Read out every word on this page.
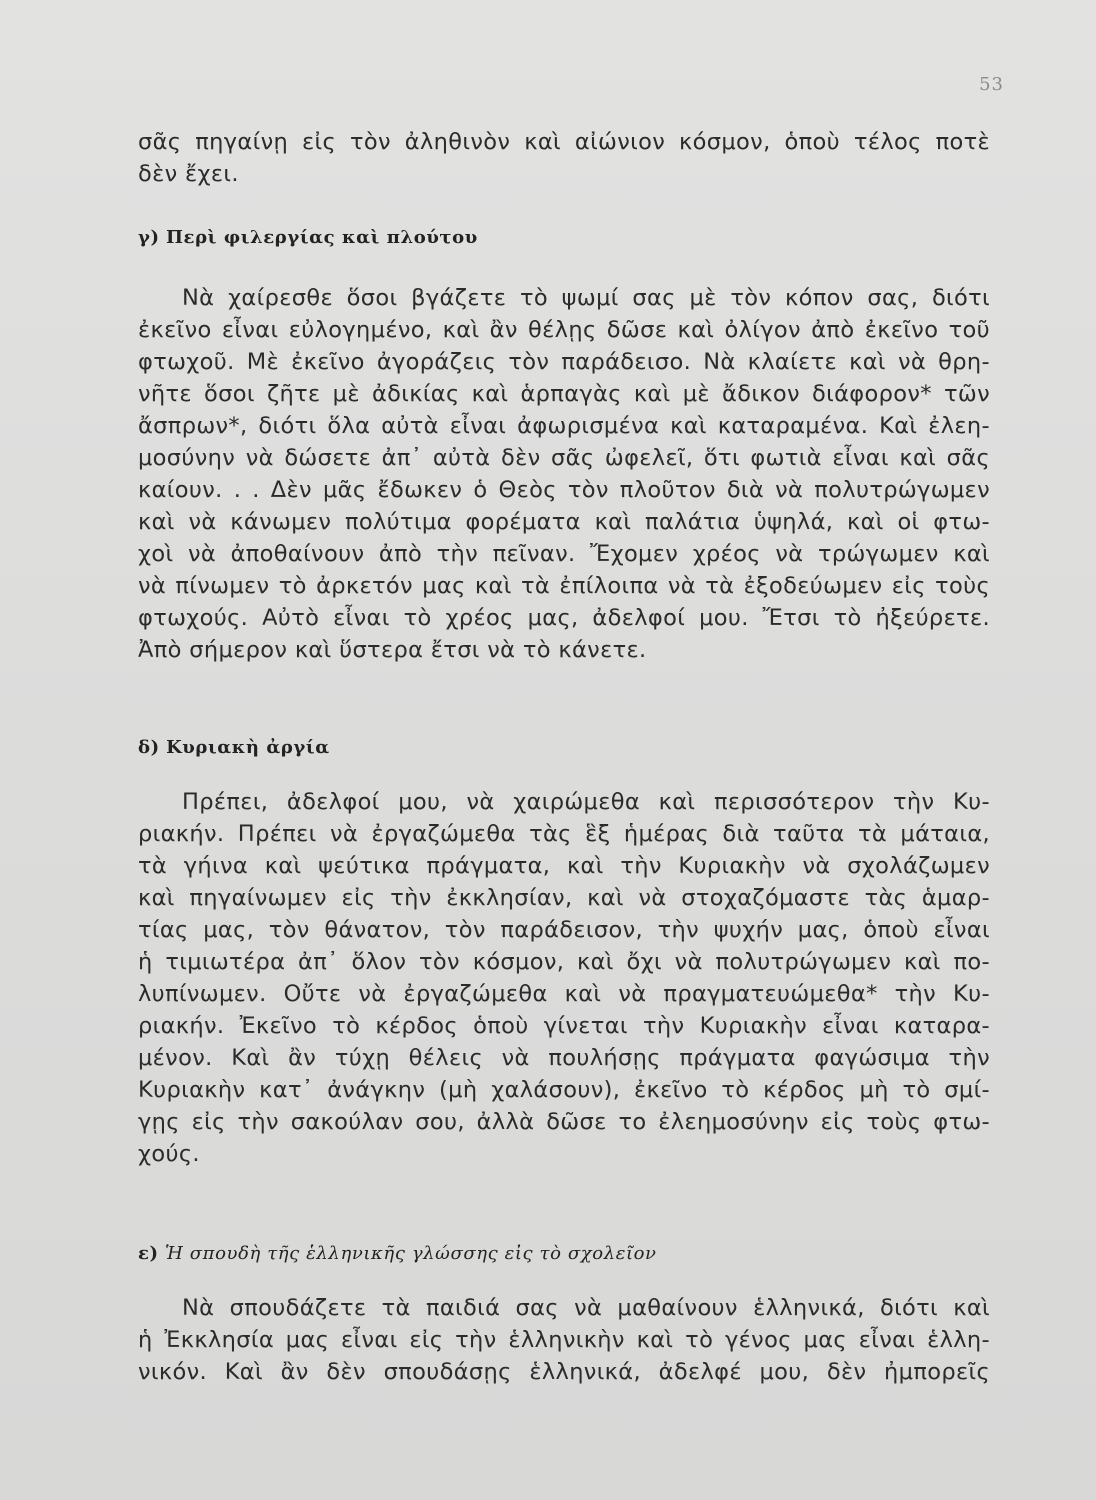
53
σᾶς πηγαίνῃ εἰς τὸν ἀληθινὸν καὶ αἰώνιον κόσμον, ὁποὺ τέλος ποτὲ
δὲν ἔχει.
γ) Περὶ φιλεργίας καὶ πλούτου
Νὰ χαίρεσθε ὅσοι βγάζετε τὸ ψωμί σας μὲ τὸν κόπον σας, διότι
ἐκεῖνο εἶναι εὐλογημένο, καὶ ἂν θέλῃς δῶσε καὶ ὀλίγον ἀπὸ ἐκεῖνο τοῦ
φτωχοῦ. Μὲ ἐκεῖνο ἀγοράζεις τὸν παράδεισο. Νὰ κλαίετε καὶ νὰ θρη-
νῆτε ὅσοι ζῆτε μὲ ἀδικίας καὶ ἁρπαγὰς καὶ μὲ ἄδικον διάφορον* τῶν
ἄσπρων*, διότι ὅλα αὐτὰ εἶναι ἀφωρισμένα καὶ καταραμένα. Καὶ ἐλεη-
μοσύνην νὰ δώσετε ἀπ᾿ αὐτὰ δὲν σᾶς ὠφελεῖ, ὅτι φωτιὰ εἶναι καὶ σᾶς
καίουν. . . Δὲν μᾶς ἔδωκεν ὁ Θεὸς τὸν πλοῦτον διὰ νὰ πολυτρώγωμεν
καὶ νὰ κάνωμεν πολύτιμα φορέματα καὶ παλάτια ὑψηλά, καὶ οἱ φτω-
χοὶ νὰ ἀποθαίνουν ἀπὸ τὴν πεῖναν. Ἔχομεν χρέος νὰ τρώγωμεν καὶ
νὰ πίνωμεν τὸ ἀρκετόν μας καὶ τὰ ἐπίλοιπα νὰ τὰ ἐξοδεύωμεν εἰς τοὺς
φτωχούς. Αὐτὸ εἶναι τὸ χρέος μας, ἀδελφοί μου. Ἔτσι τὸ ἠξεύρετε.
Ἀπὸ σήμερον καὶ ὕστερα ἔτσι νὰ τὸ κάνετε.
δ) Κυριακὴ ἀργία
Πρέπει, ἀδελφοί μου, νὰ χαιρώμεθα καὶ περισσότερον τὴν Κυ-
ριακήν. Πρέπει νὰ ἐργαζώμεθα τὰς ἓξ ἡμέρας διὰ ταῦτα τὰ μάταια,
τὰ γήινα καὶ ψεύτικα πράγματα, καὶ τὴν Κυριακὴν νὰ σχολάζωμεν
καὶ πηγαίνωμεν εἰς τὴν ἐκκλησίαν, καὶ νὰ στοχαζόμαστε τὰς ἁμαρ-
τίας μας, τὸν θάνατον, τὸν παράδεισον, τὴν ψυχήν μας, ὁποὺ εἶναι
ἡ τιμιωτέρα ἀπ᾿ ὅλον τὸν κόσμον, καὶ ὄχι νὰ πολυτρώγωμεν καὶ πο-
λυπίνωμεν. Οὔτε νὰ ἐργαζώμεθα καὶ νὰ πραγματευώμεθα* τὴν Κυ-
ριακήν. Ἐκεῖνο τὸ κέρδος ὁποὺ γίνεται τὴν Κυριακὴν εἶναι καταρα-
μένον. Καὶ ἂν τύχῃ θέλεις νὰ πουλήσῃς πράγματα φαγώσιμα τὴν
Κυριακὴν κατ᾿ ἀνάγκην (μὴ χαλάσουν), ἐκεῖνο τὸ κέρδος μὴ τὸ σμί-
γῃς εἰς τὴν σακούλαν σου, ἀλλὰ δῶσε το ἐλεημοσύνην εἰς τοὺς φτω-
χούς.
ε) Ἡ σπουδὴ τῆς ἑλληνικῆς γλώσσης εἰς τὸ σχολεῖον
Νὰ σπουδάζετε τὰ παιδιά σας νὰ μαθαίνουν ἑλληνικά, διότι καὶ
ἡ Ἐκκλησία μας εἶναι εἰς τὴν ἑλληνικὴν καὶ τὸ γένος μας εἶναι ἑλλη-
νικόν. Καὶ ἂν δὲν σπουδάσῃς ἑλληνικά, ἀδελφέ μου, δὲν ἠμπορεῖς
